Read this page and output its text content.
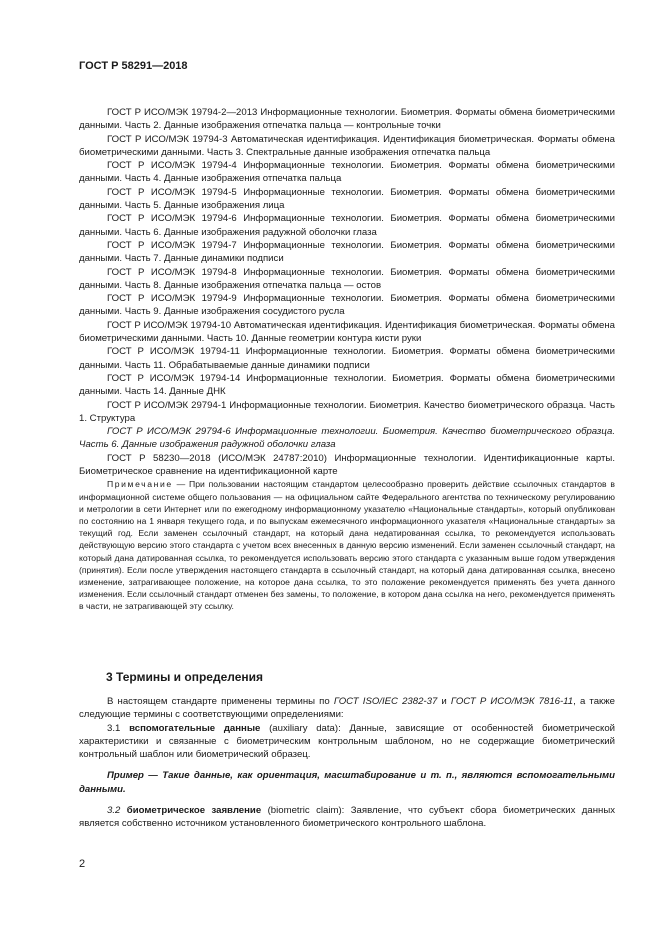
ГОСТ Р 58291—2018

ГОСТ Р ИСО/МЭК 19794-2—2013 Информационные технологии. Биометрия. Форматы обмена биометрическими данными. Часть 2. Данные изображения отпечатка пальца — контрольные точки

ГОСТ Р ИСО/МЭК 19794-3 Автоматическая идентификация. Идентификация биометрическая. Форматы обмена биометрическими данными. Часть 3. Спектральные данные изображения отпечатка пальца

ГОСТ Р ИСО/МЭК 19794-4 Информационные технологии. Биометрия. Форматы обмена биометрическими данными. Часть 4. Данные изображения отпечатка пальца

ГОСТ Р ИСО/МЭК 19794-5 Информационные технологии. Биометрия. Форматы обмена биометрическими данными. Часть 5. Данные изображения лица

ГОСТ Р ИСО/МЭК 19794-6 Информационные технологии. Биометрия. Форматы обмена биометрическими данными. Часть 6. Данные изображения радужной оболочки глаза

ГОСТ Р ИСО/МЭК 19794-7 Информационные технологии. Биометрия. Форматы обмена биометрическими данными. Часть 7. Данные динамики подписи

ГОСТ Р ИСО/МЭК 19794-8 Информационные технологии. Биометрия. Форматы обмена биометрическими данными. Часть 8. Данные изображения отпечатка пальца — остов

ГОСТ Р ИСО/МЭК 19794-9 Информационные технологии. Биометрия. Форматы обмена биометрическими данными. Часть 9. Данные изображения сосудистого русла

ГОСТ Р ИСО/МЭК 19794-10 Автоматическая идентификация. Идентификация биометрическая. Форматы обмена биометрическими данными. Часть 10. Данные геометрии контура кисти руки

ГОСТ Р ИСО/МЭК 19794-11 Информационные технологии. Биометрия. Форматы обмена биометрическими данными. Часть 11. Обрабатываемые данные динамики подписи

ГОСТ Р ИСО/МЭК 19794-14 Информационные технологии. Биометрия. Форматы обмена биометрическими данными. Часть 14. Данные ДНК

ГОСТ Р ИСО/МЭК 29794-1 Информационные технологии. Биометрия. Качество биометрического образца. Часть 1. Структура

ГОСТ Р ИСО/МЭК 29794-6 Информационные технологии. Биометрия. Качество биометрического образца. Часть 6. Данные изображения радужной оболочки глаза

ГОСТ Р 58230—2018 (ИСО/МЭК 24787:2010) Информационные технологии. Идентификационные карты. Биометрическое сравнение на идентификационной карте

Примечание — При пользовании настоящим стандартом целесообразно проверить действие ссылочных стандартов в информационной системе общего пользования — на официальном сайте Федерального агентства по техническому регулированию и метрологии в сети Интернет или по ежегодному информационному указателю «Национальные стандарты», который опубликован по состоянию на 1 января текущего года, и по выпускам ежемесячного информационного указателя «Национальные стандарты» за текущий год. Если заменен ссылочный стандарт, на который дана недатированная ссылка, то рекомендуется использовать действующую версию этого стандарта с учетом всех внесенных в данную версию изменений. Если заменен ссылочный стандарт, на который дана датированная ссылка, то рекомендуется использовать версию этого стандарта с указанным выше годом утверждения (принятия). Если после утверждения настоящего стандарта в ссылочный стандарт, на который дана датированная ссылка, внесено изменение, затрагивающее положение, на которое дана ссылка, то это положение рекомендуется применять без учета данного изменения. Если ссылочный стандарт отменен без замены, то положение, в котором дана ссылка на него, рекомендуется применять в части, не затрагивающей эту ссылку.

3 Термины и определения

В настоящем стандарте применены термины по ГОСТ ISO/IEC 2382-37 и ГОСТ Р ИСО/МЭК 7816-11, а также следующие термины с соответствующими определениями:

3.1 вспомогательные данные (auxiliary data): Данные, зависящие от особенностей биометрической характеристики и связанные с биометрическим контрольным шаблоном, но не содержащие биометрический контрольный шаблон или биометрический образец.

Пример — Такие данные, как ориентация, масштабирование и т. п., являются вспомогательными данными.

3.2 биометрическое заявление (biometric claim): Заявление, что субъект сбора биометрических данных является собственно источником установленного биометрического контрольного шаблона.

2
